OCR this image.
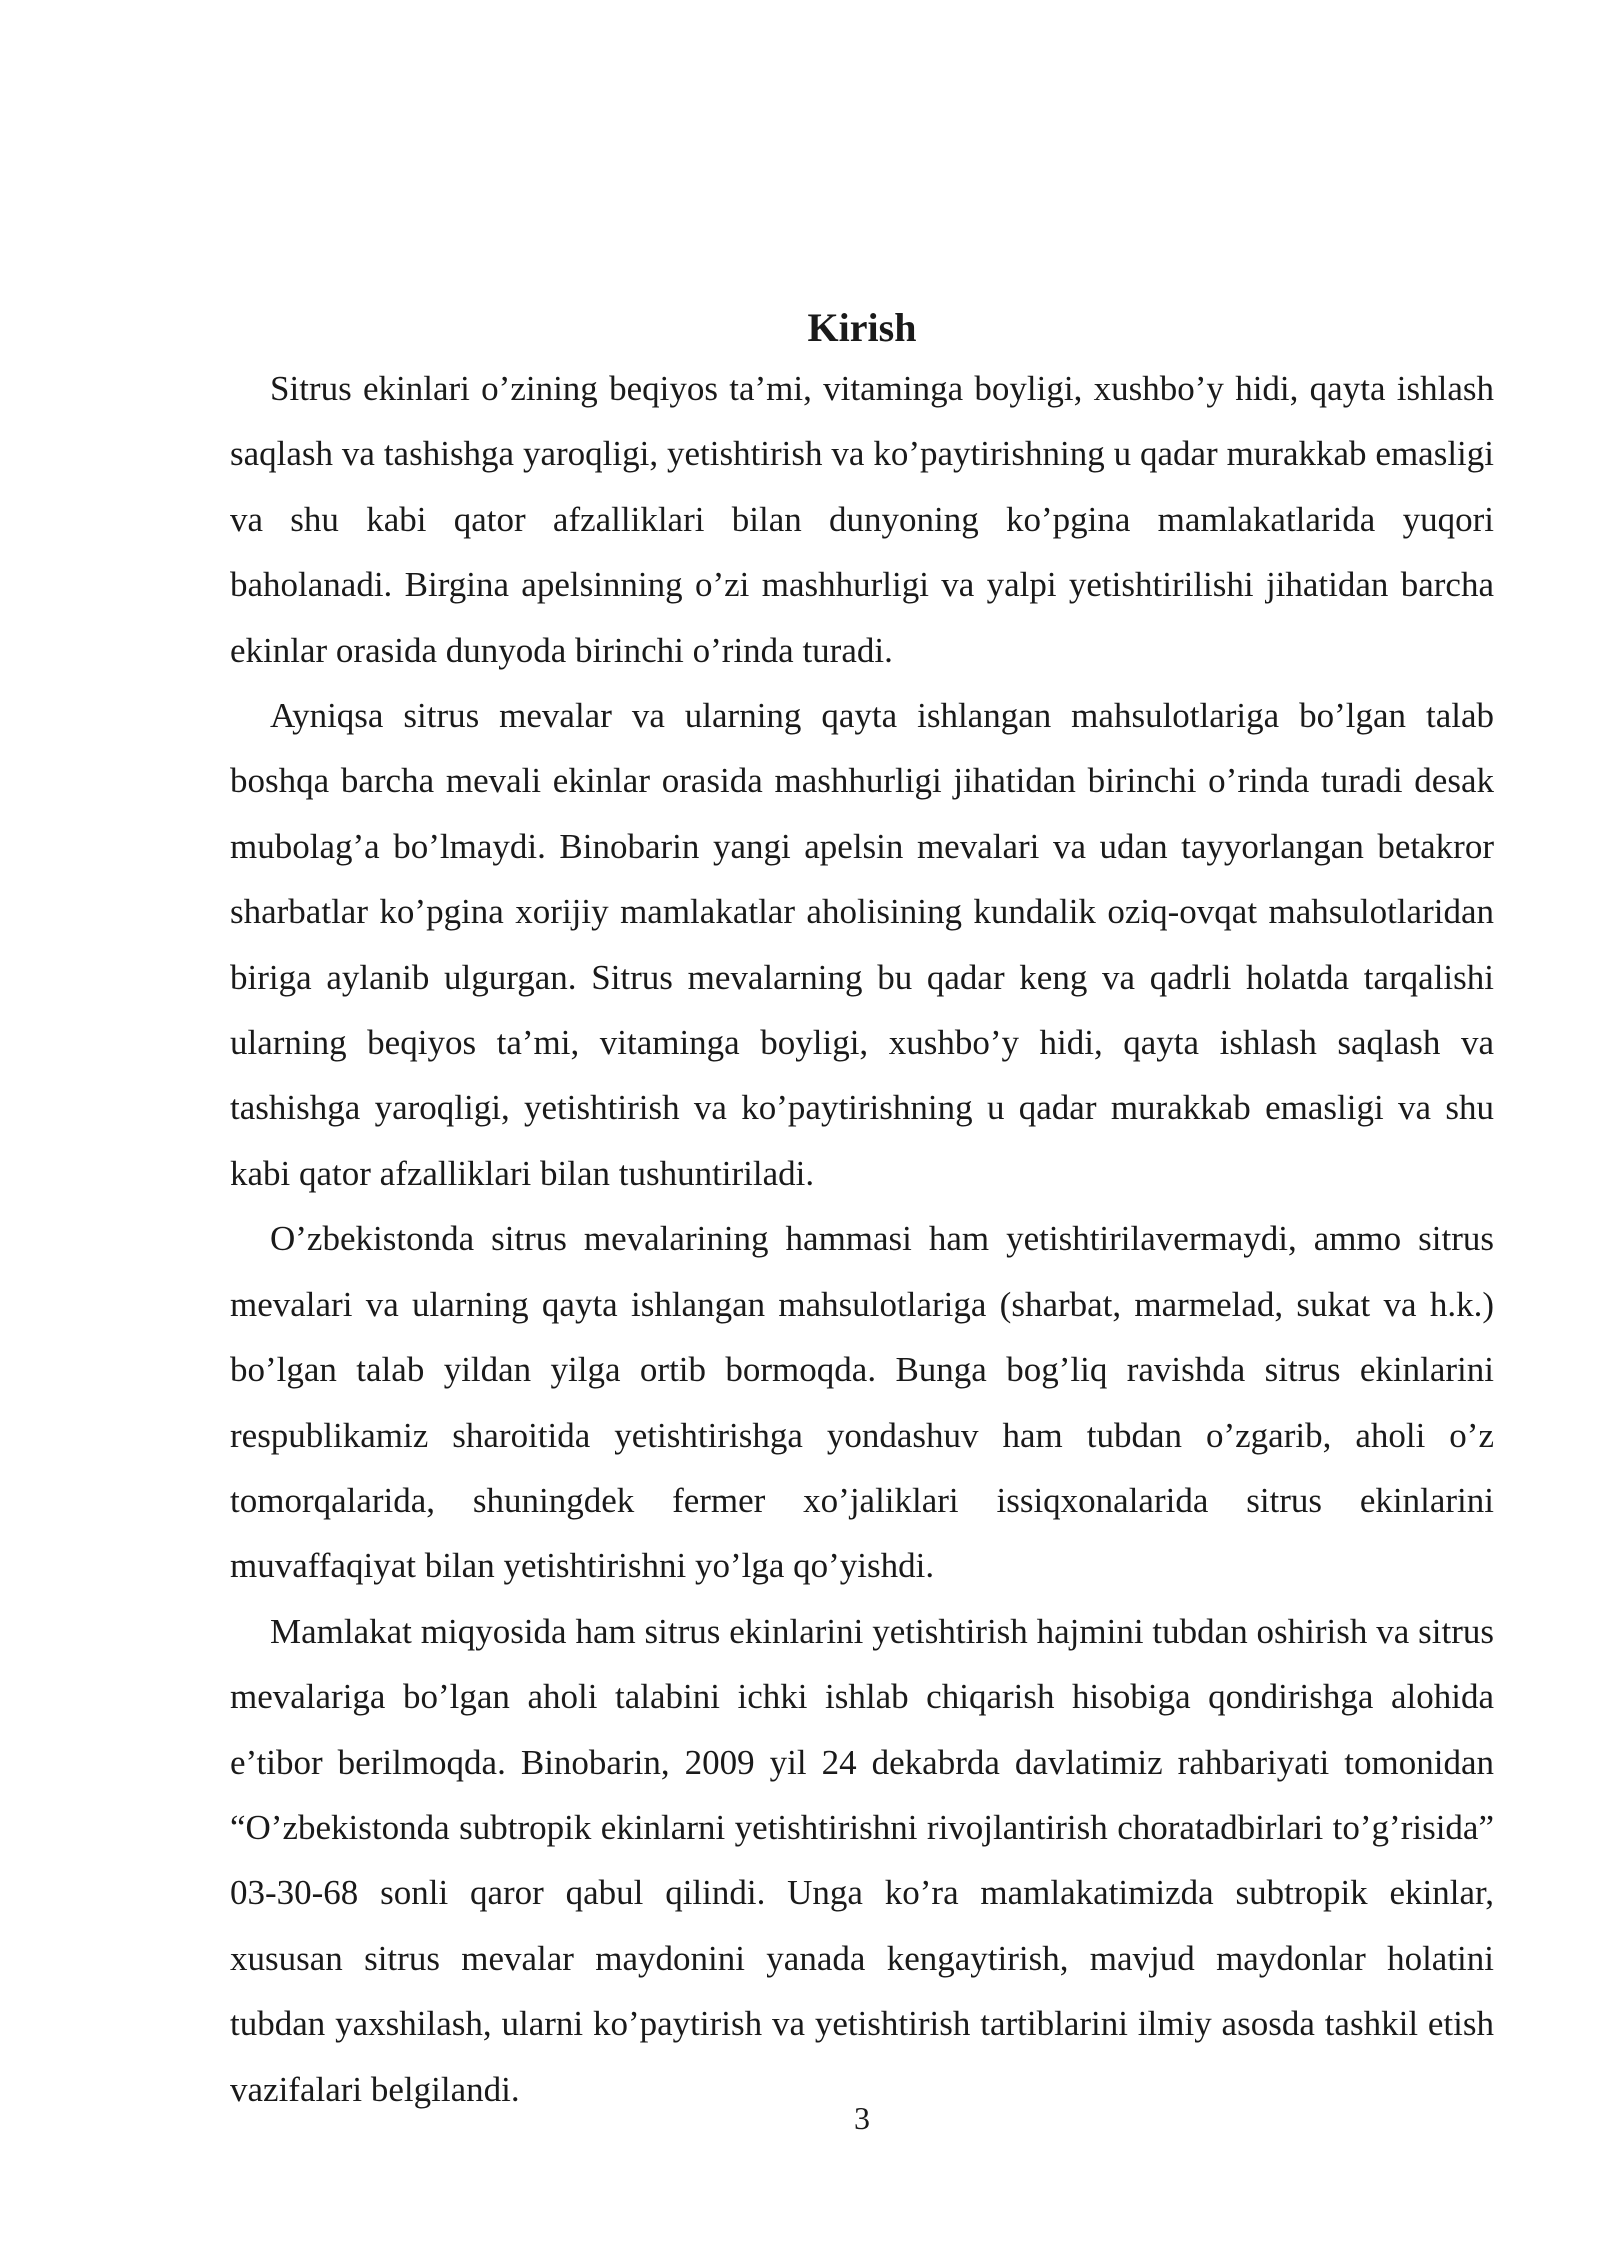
Kirish

Sitrus ekinlari o’zining beqiyos ta’mi, vitaminga boyligi, xushbo’y hidi, qayta ishlash saqlash va tashishga yaroqligi, yetishtirish va ko’paytirishning u qadar murakkab emasligi va shu kabi qator afzalliklari bilan dunyoning ko’pgina mamlakatlarida yuqori baholanadi. Birgina apelsinning o’zi mashhurligi va yalpi yetishtirilishi jihatidan barcha ekinlar orasida dunyoda birinchi o’rinda turadi.

Ayniqsa sitrus mevalar va ularning qayta ishlangan mahsulotlariga bo’lgan talab boshqa barcha mevali ekinlar orasida mashhurligi jihatidan birinchi o’rinda turadi desak mubolag’a bo’lmaydi. Binobarin yangi apelsin mevalari va udan tayyorlangan betakror sharbatlar ko’pgina xorijiy mamlakatlar aholisining kundalik oziq-ovqat mahsulotlaridan biriga aylanib ulgurgan. Sitrus mevalarning bu qadar keng va qadrli holatda tarqalishi ularning beqiyos ta’mi, vitaminga boyligi, xushbo’y hidi, qayta ishlash saqlash va tashishga yaroqligi, yetishtirish va ko’paytirishning u qadar murakkab emasligi va shu kabi qator afzalliklari bilan tushuntiriladi.

O’zbekistonda sitrus mevalarining hammasi ham yetishtirilavermaydi, ammo sitrus mevalari va ularning qayta ishlangan mahsulotlariga (sharbat, marmelad, sukat va h.k.) bo’lgan talab yildan yilga ortib bormoqda. Bunga bog’liq ravishda sitrus ekinlarini respublikamiz sharoitida yetishtirishga yondashuv ham tubdan o’zgarib, aholi o’z tomorqalarida, shuningdek fermer xo’jaliklari issiqxonalarida sitrus ekinlarini muvaffaqiyat bilan yetishtirishni yo’lga qo’yishdi.

Mamlakat miqyosida ham sitrus ekinlarini yetishtirish hajmini tubdan oshirish va sitrus mevalariga bo’lgan aholi talabini ichki ishlab chiqarish hisobiga qondirishga alohida e’tibor berilmoqda. Binobarin, 2009 yil 24 dekabrda davlatimiz rahbariyati tomonidan “O’zbekistonda subtropik ekinlarni yetishtirishni rivojlantirish choratadbirlari to’g’risida” 03-30-68 sonli qaror qabul qilindi. Unga ko’ra mamlakatimizda subtropik ekinlar, xususan sitrus mevalar maydonini yanada kengaytirish, mavjud maydonlar holatini tubdan yaxshilash, ularni ko’paytirish va yetishtirish tartiblarini ilmiy asosda tashkil etish vazifalari belgilandi.

3
